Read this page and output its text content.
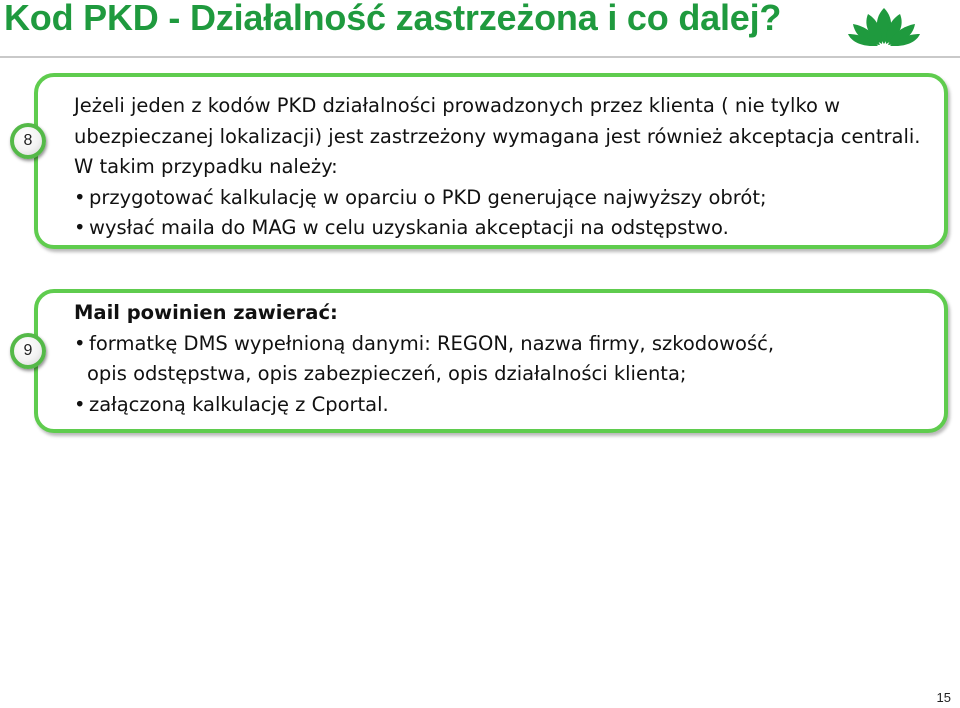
Kod PKD - Działalność zastrzeżona i co dalej?

Jeżeli jeden z kodów PKD działalności prowadzonych przez klienta ( nie tylko w ubezpieczanej lokalizacji) jest zastrzeżony wymagana jest również akceptacja centrali. W takim przypadku należy:

• przygotować kalkulację w oparciu o PKD generujące najwyższy obrót;

• wysłać maila do MAG w celu uzyskania akceptacji na odstępstwo.

Mail powinien zawierać:

• formatkę DMS wypełnioną danymi: REGON, nazwa firmy, szkodowość,

opis odstępstwa, opis zabezpieczeń, opis działalności klienta;

• załączoną kalkulację z Cportal.

8
9
15
